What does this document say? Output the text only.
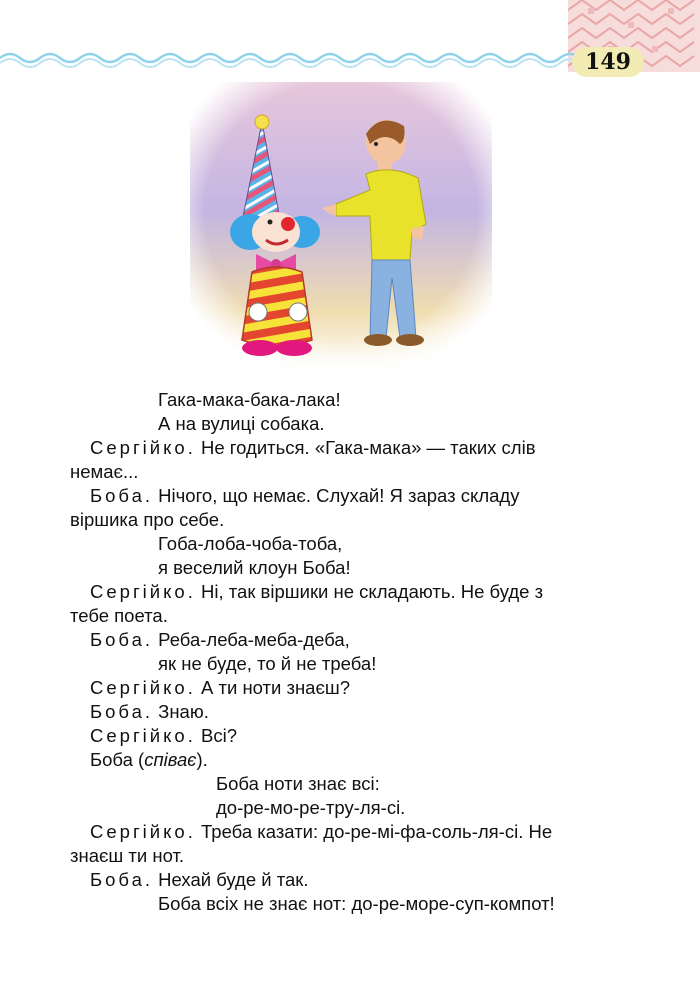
149
Гака-мака-бака-лака!
А на вулиці собака.
Сергійко. Не годиться. «Гака-мака» — таких слів
немає...
Боба. Нічого, що немає. Слухай! Я зараз складу
віршика про себе.
Гоба-лоба-чоба-тоба,
я веселий клоун Боба!
Сергійко. Ні, так віршики не складають. Не буде з
тебе поета.
Боба. Реба-леба-меба-деба,
як не буде, то й не треба!
Сергійко. А ти ноти знаєш?
Боба. Знаю.
Сергійко. Всі?
Боба (співає).
Боба ноти знає всі:
до-ре-мо-ре-тру-ля-сі.
Сергійко. Треба казати: до-ре-мі-фа-соль-ля-сі. Не
знаєш ти нот.
Боба. Нехай буде й так.
Боба всіх не знає нот: до-ре-море-суп-компот!
